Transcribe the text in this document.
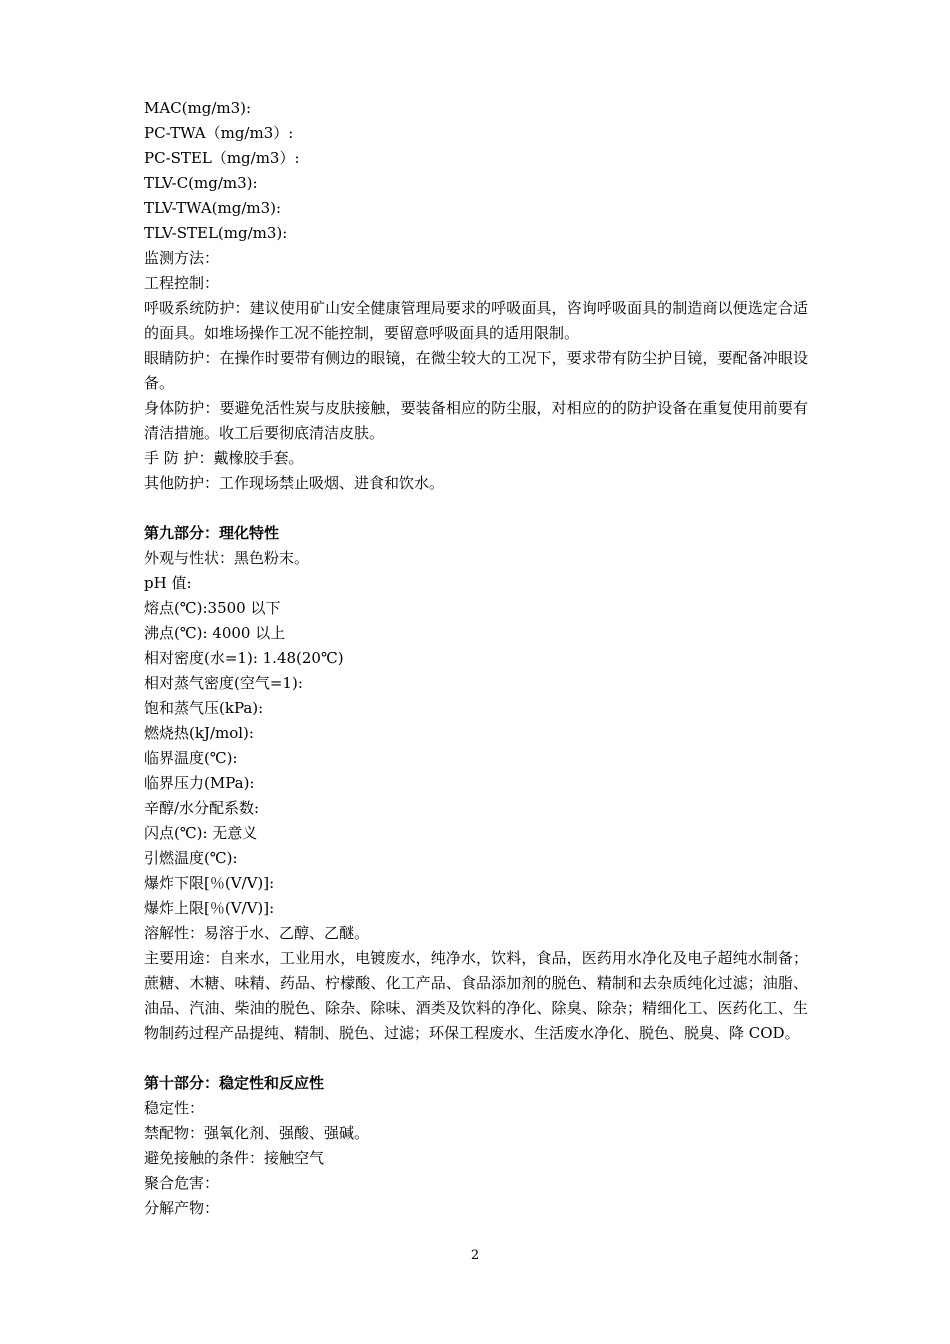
MAC(mg/m3):
PC-TWA（mg/m3）:
PC-STEL（mg/m3）:
TLV-C(mg/m3):
TLV-TWA(mg/m3):
TLV-STEL(mg/m3):
监测方法：
工程控制：
呼吸系统防护：建议使用矿山安全健康管理局要求的呼吸面具，咨询呼吸面具的制造商以便选定合适的面具。如堆场操作工况不能控制，要留意呼吸面具的适用限制。
眼睛防护：在操作时要带有侧边的眼镜，在微尘较大的工况下，要求带有防尘护目镜，要配备冲眼设备。
身体防护：要避免活性炭与皮肤接触，要装备相应的防尘服，对相应的的防护设备在重复使用前要有清洁措施。收工后要彻底清洁皮肤。
手 防 护：戴橡胶手套。
其他防护：工作现场禁止吸烟、进食和饮水。
第九部分：理化特性
外观与性状：黑色粉末。
pH 值:
熔点(℃):3500 以下
沸点(℃): 4000 以上
相对密度(水=1): 1.48(20℃)
相对蒸气密度(空气=1):
饱和蒸气压(kPa):
燃烧热(kJ/mol):
临界温度(℃):
临界压力(MPa):
辛醇/水分配系数:
闪点(℃): 无意义
引燃温度(℃):
爆炸下限[％(V/V)]:
爆炸上限[％(V/V)]:
溶解性：易溶于水、乙醇、乙醚。
主要用途：自来水，工业用水，电镀废水，纯净水，饮料，食品，医药用水净化及电子超纯水制备；蔗糖、木糖、味精、药品、柠檬酸、化工产品、食品添加剂的脱色、精制和去杂质纯化过滤；油脂、油品、汽油、柴油的脱色、除杂、除味、酒类及饮料的净化、除臭、除杂；精细化工、医药化工、生物制药过程产品提纯、精制、脱色、过滤；环保工程废水、生活废水净化、脱色、脱臭、降 COD。
第十部分：稳定性和反应性
稳定性：
禁配物：强氧化剂、强酸、强碱。
避免接触的条件：接触空气
聚合危害：
分解产物：
2
